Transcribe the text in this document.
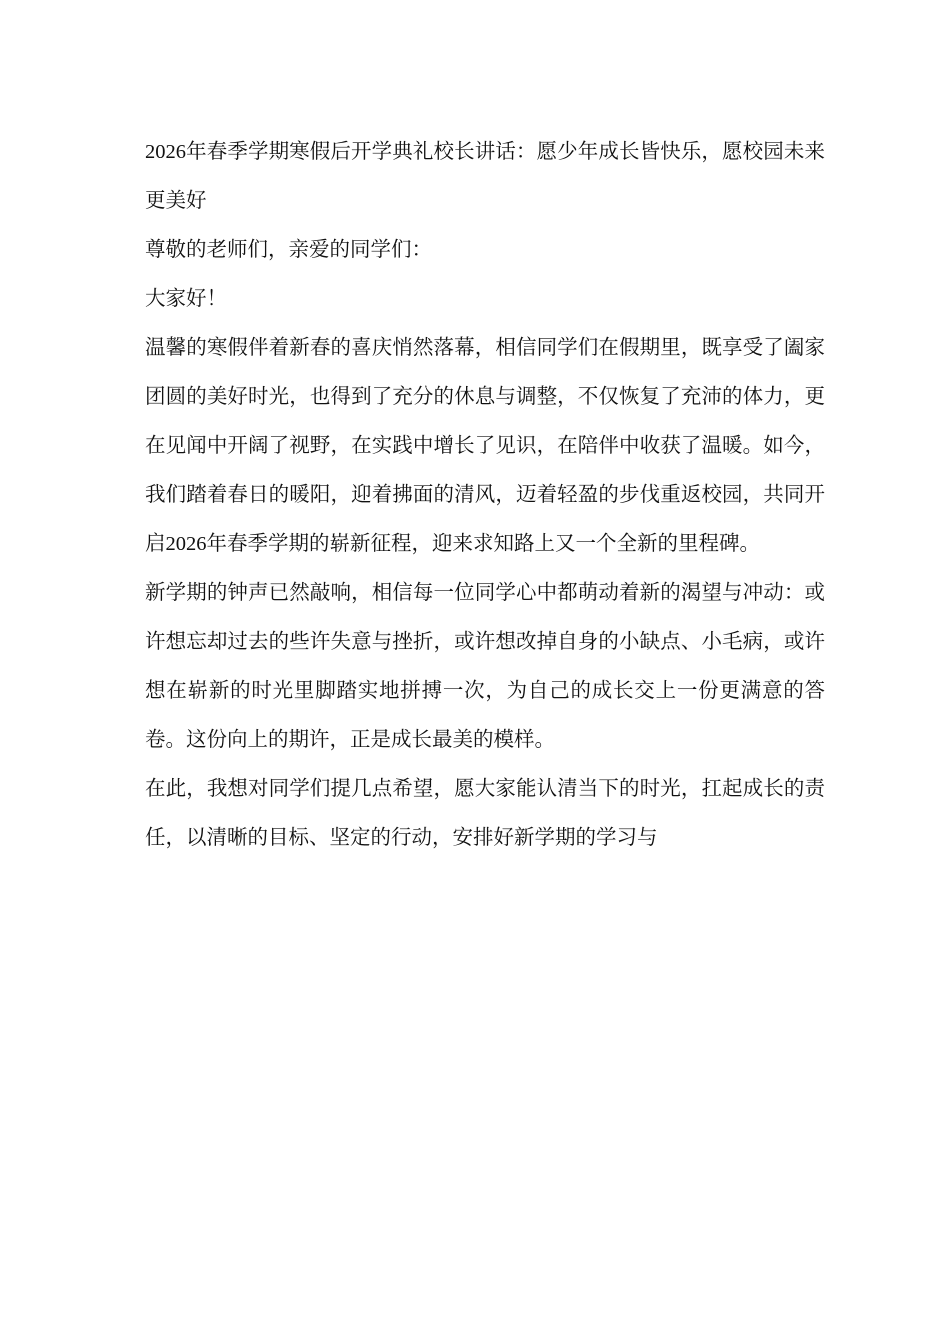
2026年春季学期寒假后开学典礼校长讲话：愿少年成长皆快乐，愿校园未来更美好

尊敬的老师们，亲爱的同学们：

大家好！

温馨的寒假伴着新春的喜庆悄然落幕，相信同学们在假期里，既享受了阖家团圆的美好时光，也得到了充分的休息与调整，不仅恢复了充沛的体力，更在见闻中开阔了视野，在实践中增长了见识，在陪伴中收获了温暖。如今，我们踏着春日的暖阳，迎着拂面的清风，迈着轻盈的步伐重返校园，共同开启2026年春季学期的崭新征程，迎来求知路上又一个全新的里程碑。

新学期的钟声已然敲响，相信每一位同学心中都萌动着新的渴望与冲动：或许想忘却过去的些许失意与挫折，或许想改掉自身的小缺点、小毛病，或许想在崭新的时光里脚踏实地拼搏一次，为自己的成长交上一份更满意的答卷。这份向上的期许，正是成长最美的模样。

在此，我想对同学们提几点希望，愿大家能认清当下的时光，扛起成长的责任，以清晰的目标、坚定的行动，安排好新学期的学习与
